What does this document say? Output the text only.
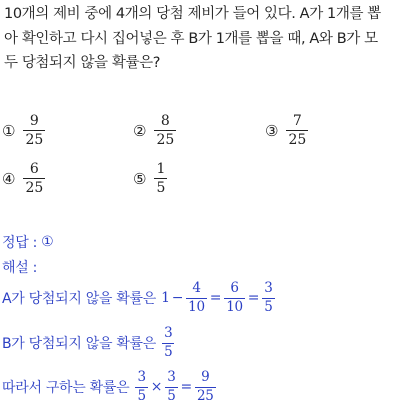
10개의 제비 중에 4개의 당첨 제비가 들어 있다. A가 1개를 뽑
아 확인하고 다시 집어넣은 후 B가 1개를 뽑을 때, A와 B가 모
두 당첨되지 않을 확률은?
① $\frac{9}{25}$	② $\frac{8}{25}$	③ $\frac{7}{25}$
④ $\frac{6}{25}$	⑤ $\frac{1}{5}$
정답 : ①
해설 :
A가 당첨되지 않을 확률은 $1 - \frac{4}{10} = \frac{6}{10} = \frac{3}{5}$
B가 당첨되지 않을 확률은 $\frac{3}{5}$
따라서 구하는 확률은 $\frac{3}{5} \times \frac{3}{5} = \frac{9}{25}$
